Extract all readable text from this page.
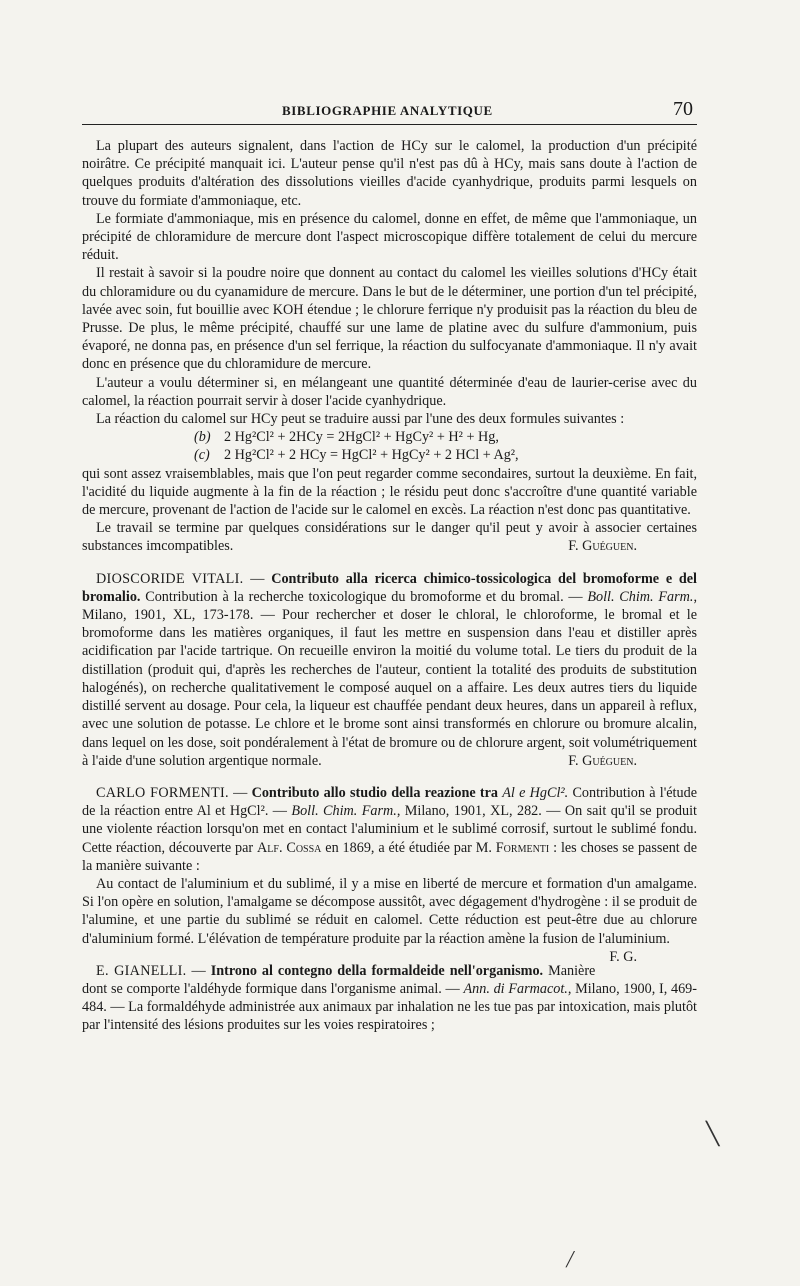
BIBLIOGRAPHIE ANALYTIQUE	70

La plupart des auteurs signalent, dans l'action de HCy sur le calomel, la production d'un précipité noirâtre. Ce précipité manquait ici. L'auteur pense qu'il n'est pas dû à HCy, mais sans doute à l'action de quelques produits d'altération des dissolutions vieilles d'acide cyanhydrique, produits parmi lesquels on trouve du formiate d'ammoniaque, etc.

Le formiate d'ammoniaque, mis en présence du calomel, donne en effet, de même que l'ammoniaque, un précipité de chloramidure de mercure dont l'aspect microscopique diffère totalement de celui du mercure réduit.

Il restait à savoir si la poudre noire que donnent au contact du calomel les vieilles solutions d'HCy était du chloramidure ou du cyanamidure de mercure. Dans le but de le déterminer, une portion d'un tel précipité, lavée avec soin, fut bouillie avec KOH étendue ; le chlorure ferrique n'y produisit pas la réaction du bleu de Prusse. De plus, le même précipité, chauffé sur une lame de platine avec du sulfure d'ammonium, puis évaporé, ne donna pas, en présence d'un sel ferrique, la réaction du sulfocyanate d'ammoniaque. Il n'y avait donc en présence que du chloramidure de mercure.

L'auteur a voulu déterminer si, en mélangeant une quantité déterminée d'eau de laurier-cerise avec du calomel, la réaction pourrait servir à doser l'acide cyanhydrique.

La réaction du calomel sur HCy peut se traduire aussi par l'une des deux formules suivantes :

(b) 2 Hg²Cl² + 2HCy = 2HgCl² + HgCy² + H² + Hg,
(c) 2 Hg²Cl² + 2 HCy = HgCl² + HgCy² + 2 HCl + Ag²,

qui sont assez vraisemblables, mais que l'on peut regarder comme secondaires, surtout la deuxième. En fait, l'acidité du liquide augmente à la fin de la réaction ; le résidu peut donc s'accroître d'une quantité variable de mercure, provenant de l'action de l'acide sur le calomel en excès. La réaction n'est donc pas quantitative.

Le travail se termine par quelques considérations sur le danger qu'il peut y avoir à associer certaines substances imcompatibles.	F. Guéguen.

DIOSCORIDE VITALI. — Contributo alla ricerca chimico-tossicologica del bromoforme e del bromalio. Contribution à la recherche toxicologique du bromoforme et du bromal. — Boll. Chim. Farm., Milano, 1901, XL, 173-178. — Pour rechercher et doser le chloral, le chloroforme, le bromal et le bromoforme dans les matières organiques, il faut les mettre en suspension dans l'eau et distiller après acidification par l'acide tartrique. On recueille environ la moitié du volume total. Le tiers du produit de la distillation (produit qui, d'après les recherches de l'auteur, contient la totalité des produits de substitution halogénés), on recherche qualitativement le composé auquel on a affaire. Les deux autres tiers du liquide distillé servent au dosage. Pour cela, la liqueur est chauffée pendant deux heures, dans un appareil à reflux, avec une solution de potasse. Le chlore et le brome sont ainsi transformés en chlorure ou bromure alcalin, dans lequel on les dose, soit pondéralement à l'état de bromure ou de chlorure argent, soit volumétriquement à l'aide d'une solution argentique normale.	F. Guéguen.

CARLO FORMENTI. — Contributo allo studio della reazione tra Al e HgCl². Contribution à l'étude de la réaction entre Al et HgCl². — Boll. Chim. Farm., Milano, 1901, XL, 282. — On sait qu'il se produit une violente réaction lorsqu'on met en contact l'aluminium et le sublimé corrosif, surtout le sublimé fondu. Cette réaction, découverte par Alf. Cossa en 1869, a été étudiée par M. Formenti : les choses se passent de la manière suivante :

Au contact de l'aluminium et du sublimé, il y a mise en liberté de mercure et formation d'un amalgame. Si l'on opère en solution, l'amalgame se décompose aussitôt, avec dégagement d'hydrogène : il se produit de l'alumine, et une partie du sublimé se réduit en calomel. Cette réduction est peut-être due au chlorure d'aluminium formé. L'élévation de température produite par la réaction amène la fusion de l'aluminium.
F. G.

E. GIANELLI. — Introno al contegno della formaldeide nell'organismo. Manière dont se comporte l'aldéhyde formique dans l'organisme animal. — Ann. di Farmacot., Milano, 1900, I, 469-484. — La formaldéhyde administrée aux animaux par inhalation ne les tue pas par intoxication, mais plutôt par l'intensité des lésions produites sur les voies respiratoires ;

╲
╱
